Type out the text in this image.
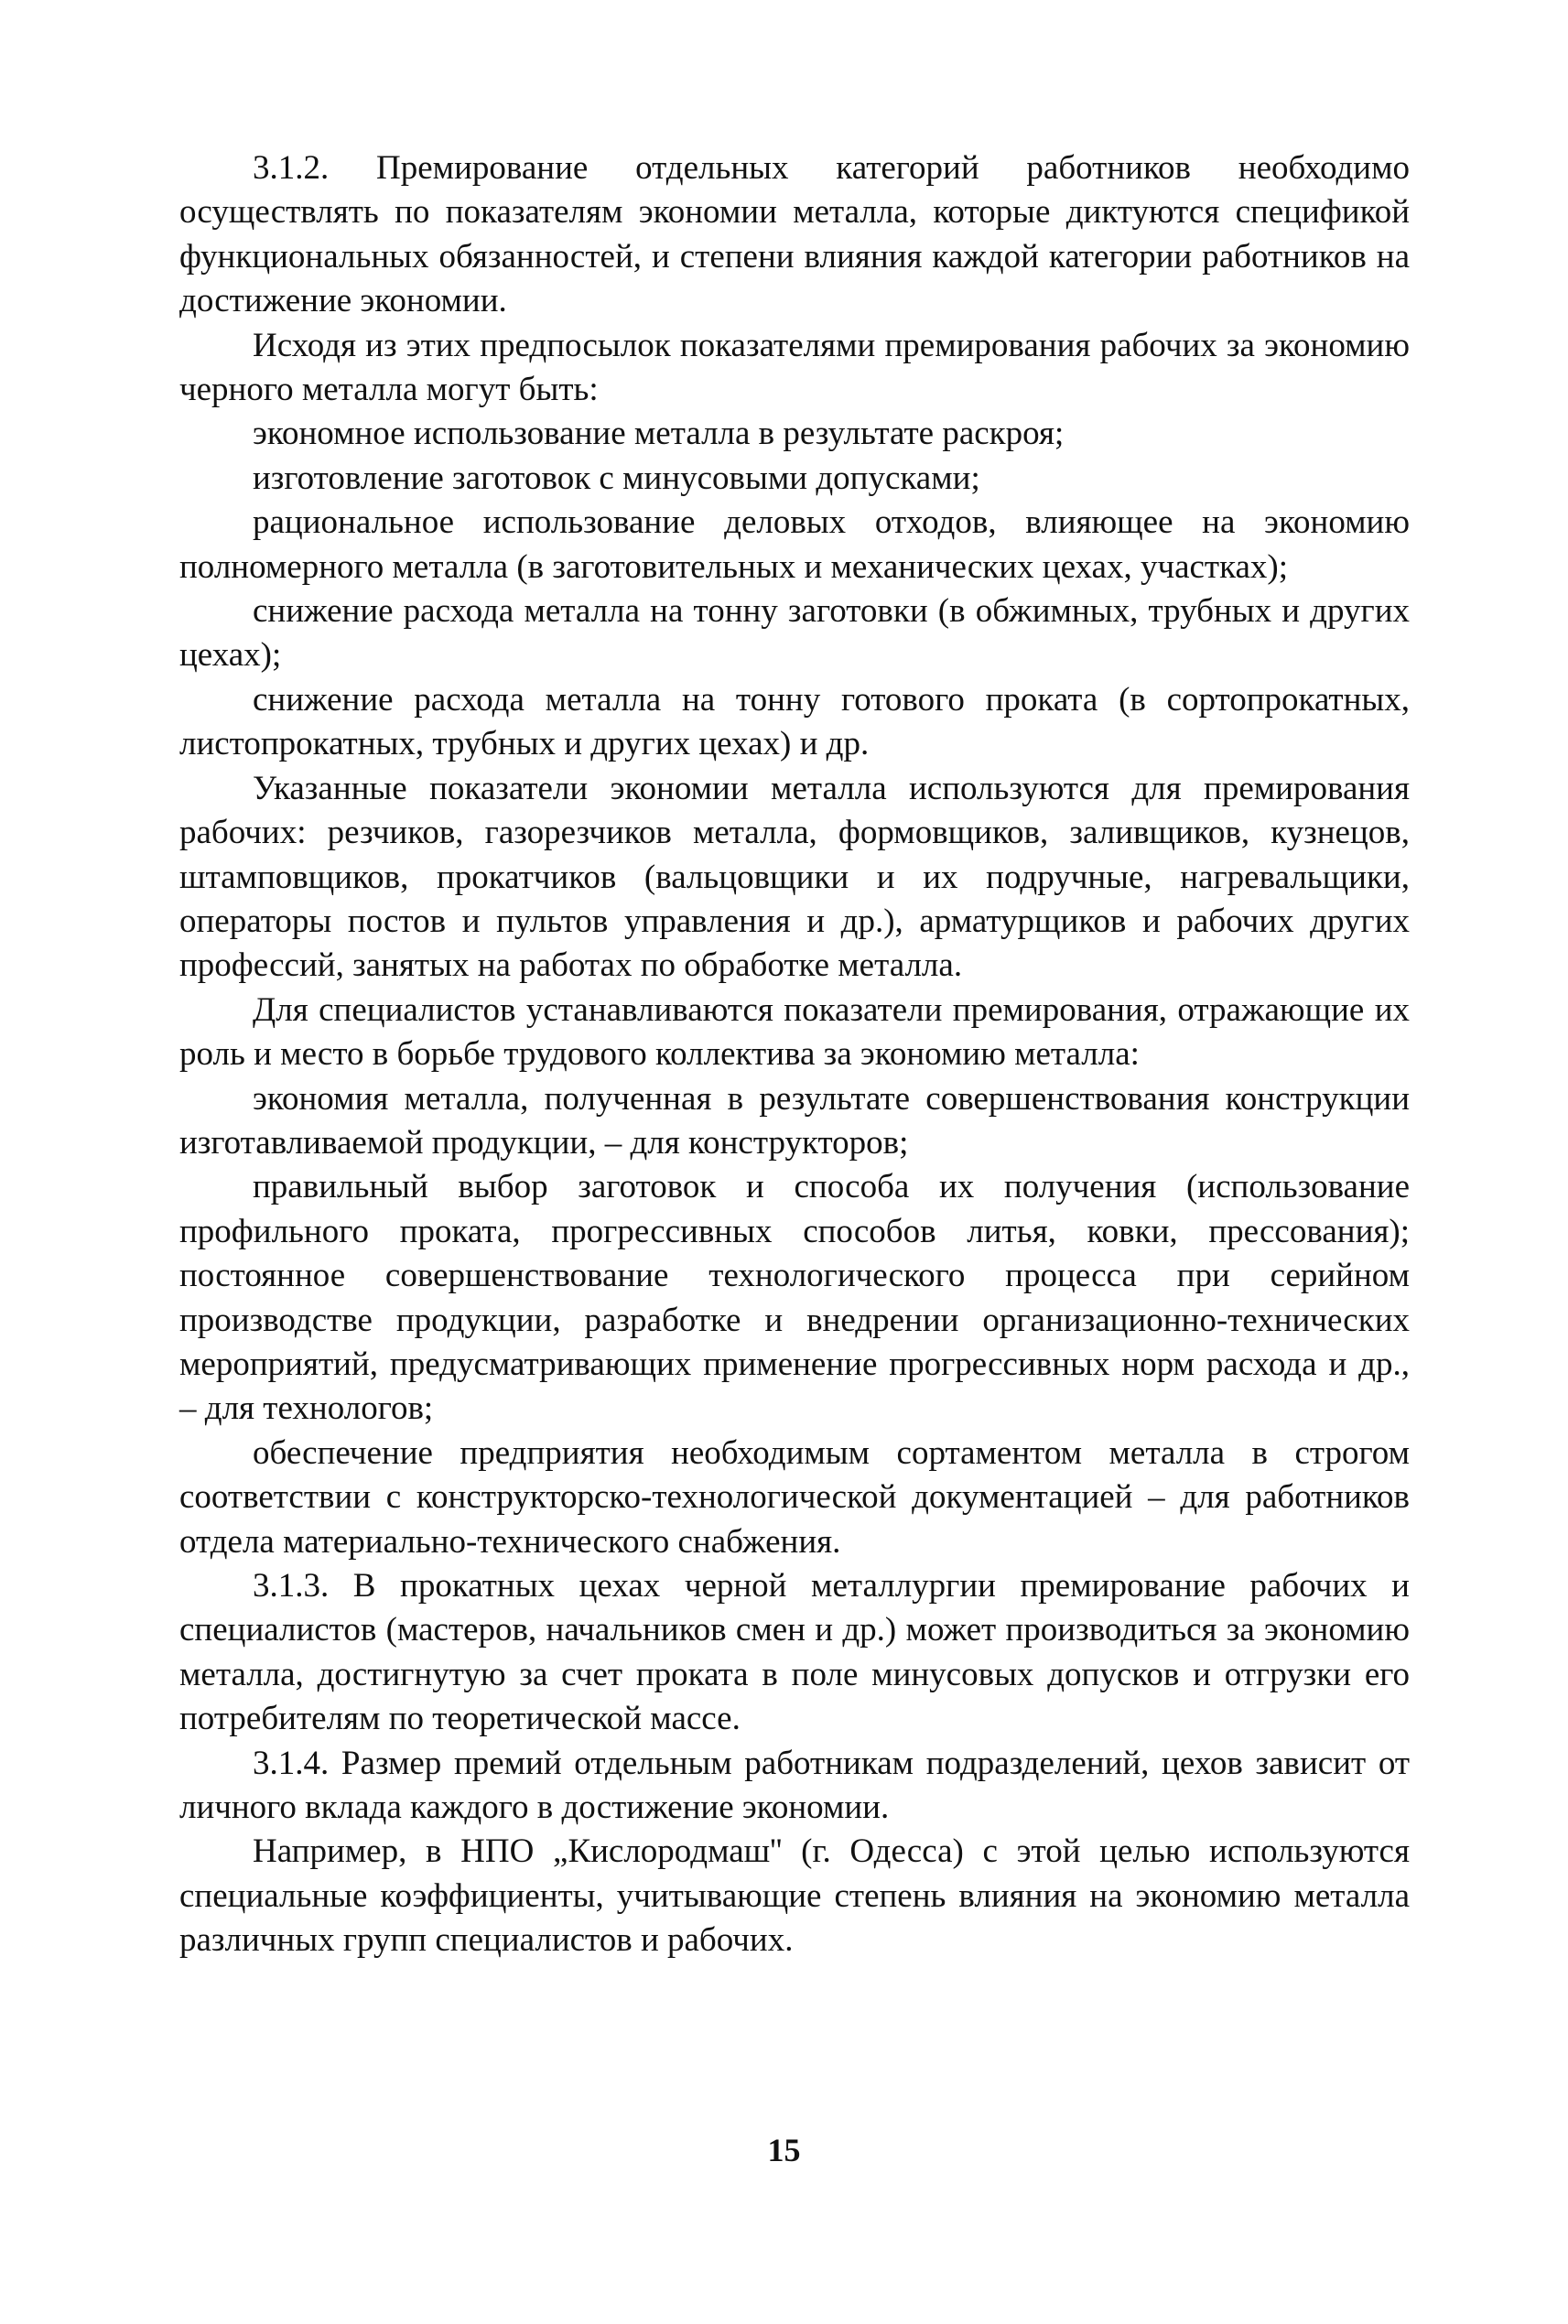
3.1.2. Премирование отдельных категорий работников необходимо осуществлять по показателям экономии металла, которые диктуются спецификой функциональных обязанностей, и степени влияния каждой категории работников на достижение экономии.

Исходя из этих предпосылок показателями премирования рабочих за экономию черного металла могут быть:

экономное использование металла в результате раскроя;

изготовление заготовок с минусовыми допусками;

рациональное использование деловых отходов, влияющее на экономию полномерного металла (в заготовительных и механических цехах, участках);

снижение расхода металла на тонну заготовки (в обжимных, трубных и других цехах);

снижение расхода металла на тонну готового проката (в сортопрокатных, листопрокатных, трубных и других цехах) и др.

Указанные показатели экономии металла используются для премирования рабочих: резчиков, газорезчиков металла, формовщиков, заливщиков, кузнецов, штамповщиков, прокатчиков (вальцовщики и их подручные, нагревальщики, операторы постов и пультов управления и др.), арматурщиков и рабочих других профессий, занятых на работах по обработке металла.

Для специалистов устанавливаются показатели премирования, отражающие их роль и место в борьбе трудового коллектива за экономию металла:

экономия металла, полученная в результате совершенствования конструкции изготавливаемой продукции, – для конструкторов;

правильный выбор заготовок и способа их получения (использование профильного проката, прогрессивных способов литья, ковки, прессования); постоянное совершенствование технологического процесса при серийном производстве продукции, разработке и внедрении организационно-технических мероприятий, предусматривающих применение прогрессивных норм расхода и др., – для технологов;

обеспечение предприятия необходимым сортаментом металла в строгом соответствии с конструкторско-технологической документацией – для работников отдела материально-технического снабжения.

3.1.3. В прокатных цехах черной металлургии премирование рабочих и специалистов (мастеров, начальников смен и др.) может производиться за экономию металла, достигнутую за счет проката в поле минусовых допусков и отгрузки его потребителям по теоретической массе.

3.1.4. Размер премий отдельным работникам подразделений, цехов зависит от личного вклада каждого в достижение экономии.

Например, в НПО „Кислородмаш'' (г. Одесса) с этой целью используются специальные коэффициенты, учитывающие степень влияния на экономию металла различных групп специалистов и рабочих.

15
